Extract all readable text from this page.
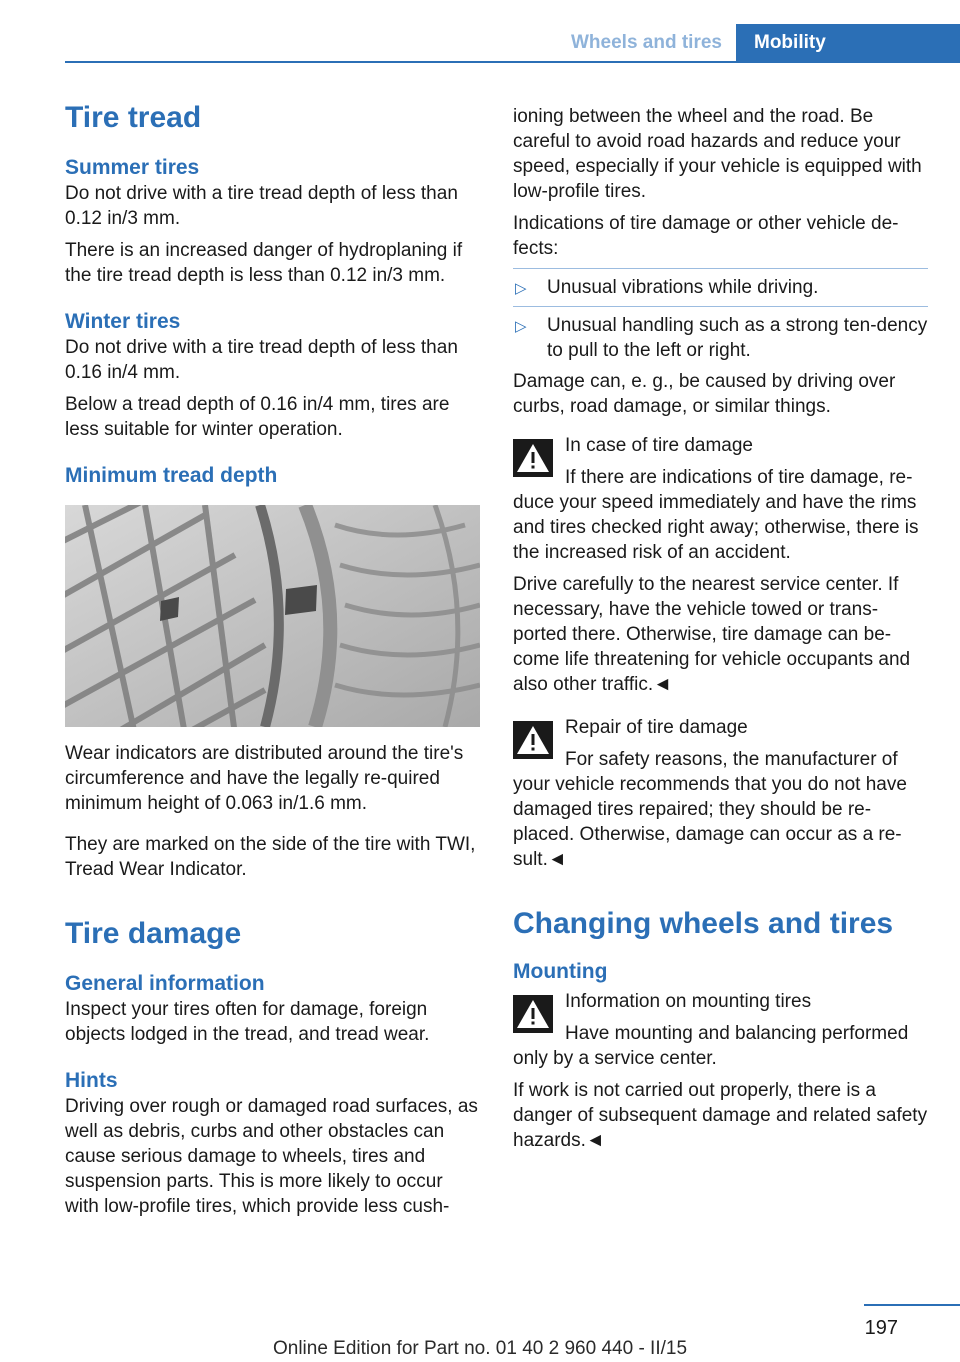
Wheels and tires	Mobility
Tire tread
Summer tires

Do not drive with a tire tread depth of less than 0.12 in/3 mm.

There is an increased danger of hydroplaning if the tire tread depth is less than 0.12 in/3 mm.

Winter tires

Do not drive with a tire tread depth of less than 0.16 in/4 mm.

Below a tread depth of 0.16 in/4 mm, tires are less suitable for winter operation.

Minimum tread depth

Wear indicators are distributed around the tire's circumference and have the legally re-quired minimum height of 0.063 in/1.6 mm.

They are marked on the side of the tire with TWI, Tread Wear Indicator.

Tire damage
General information

Inspect your tires often for damage, foreign objects lodged in the tread, and tread wear.

Hints

Driving over rough or damaged road surfaces, as well as debris, curbs and other obstacles can cause serious damage to wheels, tires and suspension parts. This is more likely to occur with low-profile tires, which provide less cush-

ioning between the wheel and the road. Be careful to avoid road hazards and reduce your speed, especially if your vehicle is equipped with low-profile tires.

Indications of tire damage or other vehicle de-fects:

▷ Unusual vibrations while driving.
▷ Unusual handling such as a strong ten-dency to pull to the left or right.

Damage can, e. g., be caused by driving over curbs, road damage, or similar things.

In case of tire damage

If there are indications of tire damage, re-duce your speed immediately and have the rims and tires checked right away; otherwise, there is the increased risk of an accident.

Drive carefully to the nearest service center. If necessary, have the vehicle towed or trans-ported there. Otherwise, tire damage can be-come life threatening for vehicle occupants and also other traffic.◄

Repair of tire damage

For safety reasons, the manufacturer of your vehicle recommends that you do not have damaged tires repaired; they should be re-placed. Otherwise, damage can occur as a re-sult.◄

Changing wheels and tires
Mounting

Information on mounting tires

Have mounting and balancing performed only by a service center.

If work is not carried out properly, there is a danger of subsequent damage and related safety hazards.◄

197
Online Edition for Part no. 01 40 2 960 440 - II/15
